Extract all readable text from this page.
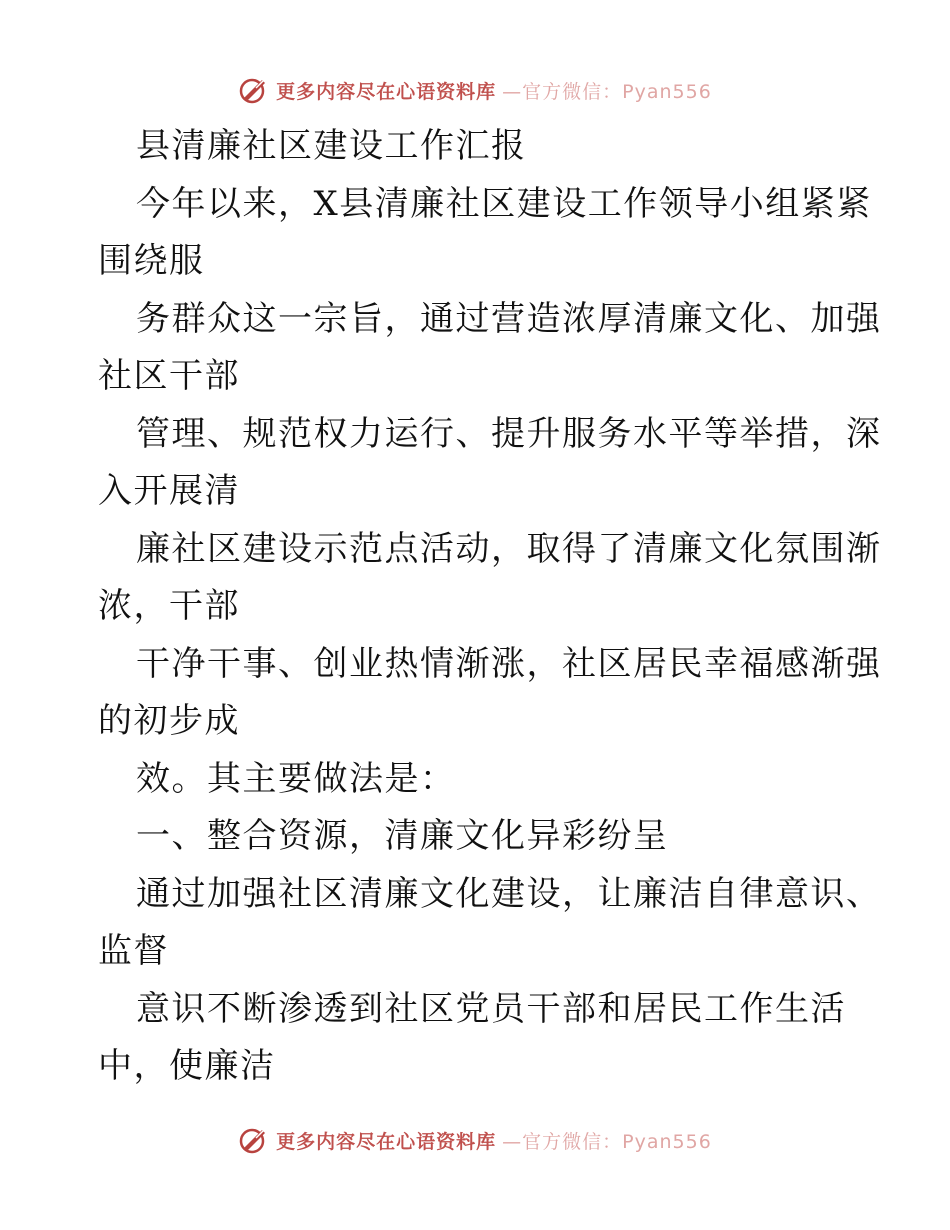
更多内容尽在心语资料库 —官方微信：Pyan556
县清廉社区建设工作汇报
今年以来，X县清廉社区建设工作领导小组紧紧
围绕服
务群众这一宗旨，通过营造浓厚清廉文化、加强
社区干部
管理、规范权力运行、提升服务水平等举措，深
入开展清
廉社区建设示范点活动，取得了清廉文化氛围渐
浓，干部
干净干事、创业热情渐涨，社区居民幸福感渐强
的初步成
效。其主要做法是：
一、整合资源，清廉文化异彩纷呈
通过加强社区清廉文化建设，让廉洁自律意识、
监督
意识不断渗透到社区党员干部和居民工作生活
中，使廉洁
更多内容尽在心语资料库 —官方微信：Pyan556
